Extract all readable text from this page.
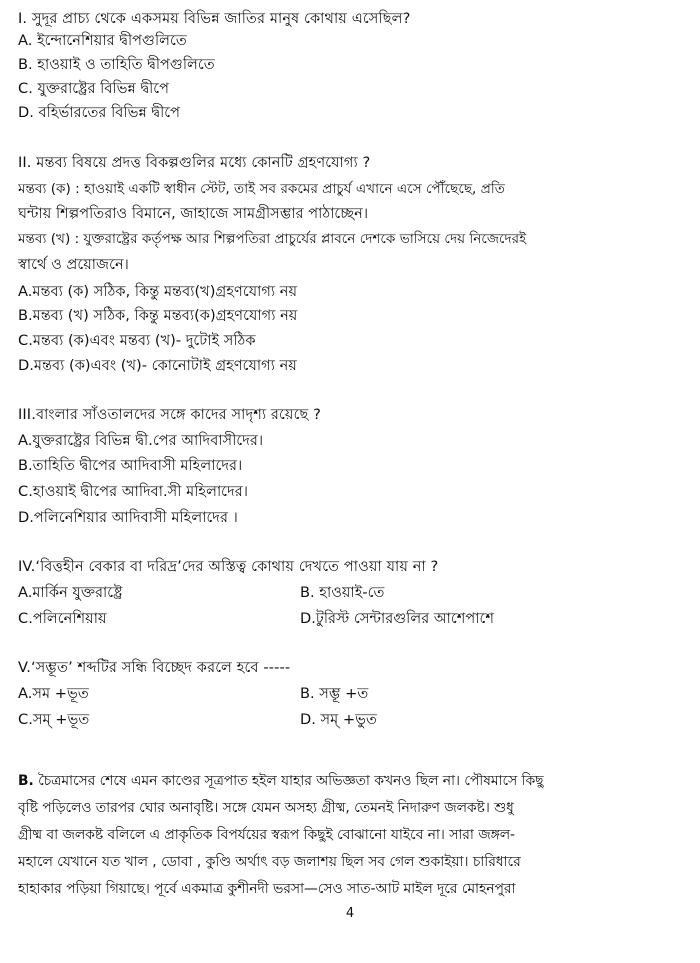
I. সুদূর প্রাচ্য থেকে একসময় বিভিন্ন জাতির মানুষ কোথায় এসেছিল?
A. ইন্দোনেশিয়ার দ্বীপগুলিতে
B. হাওয়াই ও তাহিতি দ্বীপগুলিতে
C. যুক্তরাষ্ট্রের বিভিন্ন দ্বীপে
D. বহির্ভারতের বিভিন্ন দ্বীপে
II. মন্তব্য বিষয়ে প্রদত্ত বিকল্পগুলির মধ্যে কোনটি গ্রহণযোগ্য ?
মন্তব্য (ক) : হাওয়াই একটি স্বাধীন স্টেট, তাই সব রকমের প্রাচুর্য এখানে এসে পৌঁছেছে, প্রতি
ঘন্টায় শিল্পপতিরাও বিমানে, জাহাজে সামগ্রীসম্ভার পাঠাচ্ছেন।
মন্তব্য (খ) : যুক্তরাষ্ট্রের কর্তৃপক্ষ আর শিল্পপতিরা প্রাচুর্যের প্লাবনে দেশকে ভাসিয়ে দেয় নিজেদেরই
স্বার্থে ও প্রয়োজনে।
A.মন্তব্য (ক) সঠিক, কিন্তু মন্তব্য(খ)গ্রহণযোগ্য নয়
B.মন্তব্য (খ) সঠিক, কিন্তু মন্তব্য(ক)গ্রহণযোগ্য নয়
C.মন্তব্য (ক)এবং মন্তব্য (খ)- দুটোই সঠিক
D.মন্তব্য (ক)এবং (খ)- কোনোটাই গ্রহণযোগ্য নয়
III.বাংলার সাঁওতালদের সঙ্গে কাদের সাদৃশ্য রয়েছে ?
A.যুক্তরাষ্ট্রের বিভিন্ন দ্বী.পের আদিবাসীদের।
B.তাহিতি দ্বীপের আদিবাসী মহিলাদের।
C.হাওয়াই দ্বীপের আদিবা.সী মহিলাদের।
D.পলিনেশিয়ার আদিবাসী মহিলাদের ।
IV.‘বিত্তহীন বেকার বা দরিদ্র’দের অস্তিত্ব কোথায় দেখতে পাওয়া যায় না ?
A.মার্কিন যুক্তরাষ্ট্রে	B. হাওয়াই-তে
C.পলিনেশিয়ায়	D.টুরিস্ট সেন্টারগুলির আশেপাশে
V.‘সম্ভূত’ শব্দটির সন্ধি বিচ্ছেদ করলে হবে -----
A.সম +ভূত	B. সম্ভূ +ত
C.সম্ +ভূত	D. সম্ +ভুত
B. চৈত্রমাসের শেষে এমন কাণ্ডের সূত্রপাত হইল যাহার অভিজ্ঞতা কখনও ছিল না। পৌষমাসে কিছু
বৃষ্টি পড়িলেও তারপর ঘোর অনাবৃষ্টি। সঙ্গে যেমন অসহ্য গ্রীষ্ম, তেমনই নিদারুণ জলকষ্ট। শুধু
গ্রীষ্ম বা জলকষ্ট বলিলে এ প্রাকৃতিক বিপর্যয়ের স্বরূপ কিছুই বোঝানো যাইবে না। সারা জঙ্গল-
মহালে যেখানে যত খাল , ডোবা , কুণ্ডি অর্থাৎ বড় জলাশয় ছিল সব গেল শুকাইয়া। চারিধারে
হাহাকার পড়িয়া গিয়াছে। পূর্বে একমাত্র কুশীনদী ভরসা—সেও সাত-আট মাইল দূরে মোহনপুরা
4
